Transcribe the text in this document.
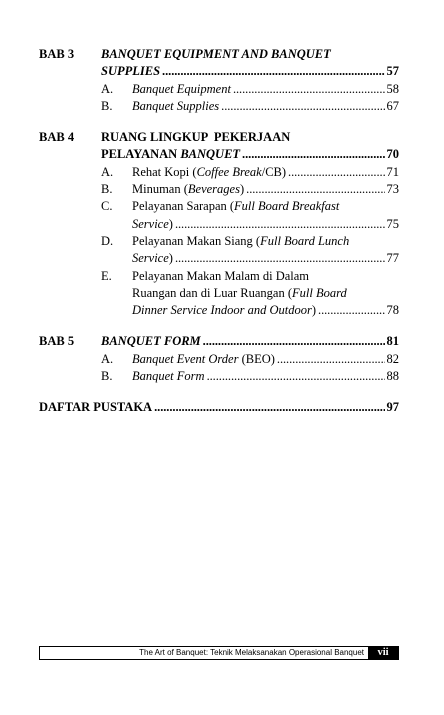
BAB 3	BANQUET EQUIPMENT AND BANQUET
SUPPLIES . . .	57
A.	Banquet Equipment . . .	58
B.	Banquet Supplies . . .	67
BAB 4	RUANG LINGKUP  PEKERJAAN
PELAYANAN BANQUET . . .	70
A.	Rehat Kopi (Coffee Break/CB) . . .	71
B.	Minuman (Beverages) . . .	73
C.	Pelayanan Sarapan (Full Board Breakfast
Service) . . .	75
D.	Pelayanan Makan Siang (Full Board Lunch
Service) . . .	77
E.	Pelayanan Makan Malam di Dalam
Ruangan dan di Luar Ruangan (Full Board
Dinner Service Indoor and Outdoor) . . .	78
BAB 5	BANQUET FORM . . .	81
A.	Banquet Event Order (BEO) . . .	82
B.	Banquet Form . . .	88
DAFTAR PUSTAKA . . .	97
The Art of Banquet: Teknik Melaksanakan Operasional Banquet	vii
